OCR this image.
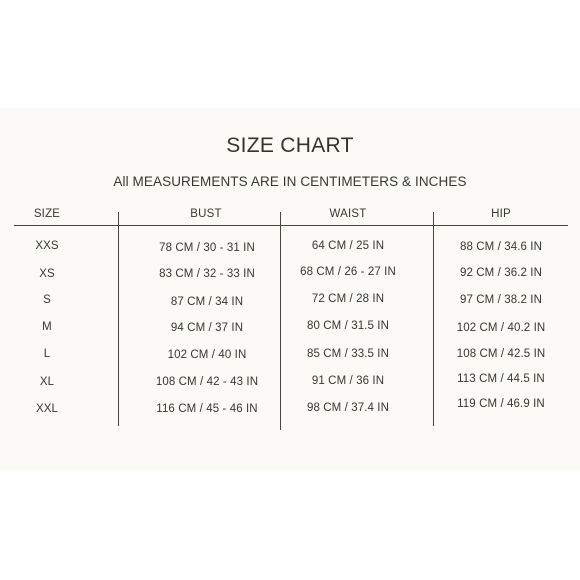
SIZE CHART
All MEASUREMENTS ARE IN CENTIMETERS & INCHES
SIZE	BUST	WAIST	HIP
XXS	78 CM / 30 - 31 IN	64 CM / 25 IN	88 CM / 34.6 IN
XS	83 CM / 32 - 33 IN	68 CM / 26 - 27 IN	92 CM / 36.2 IN
S	87 CM / 34 IN	72 CM / 28 IN	97 CM / 38.2 IN
M	94 CM / 37 IN	80 CM / 31.5 IN	102 CM / 40.2 IN
L	102 CM / 40 IN	85 CM / 33.5 IN	108 CM / 42.5 IN
XL	108 CM / 42 - 43 IN	91 CM / 36 IN	113 CM / 44.5 IN
XXL	116 CM / 45 - 46 IN	98 CM / 37.4 IN	119 CM / 46.9 IN
